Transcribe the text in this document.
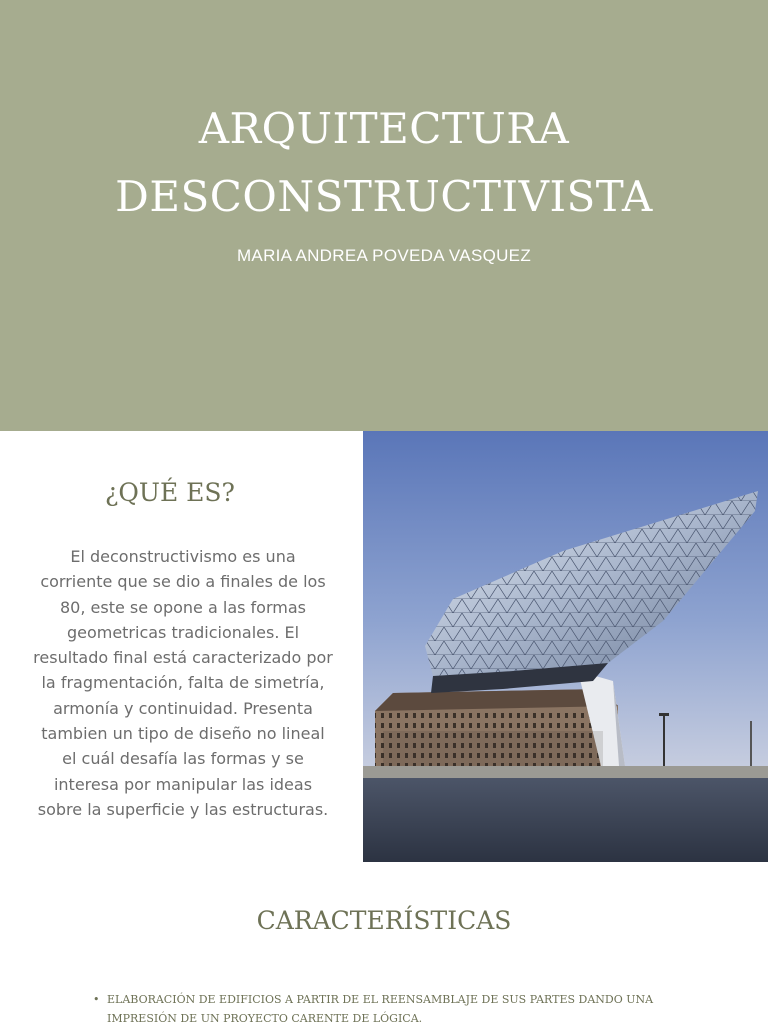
ARQUITECTURA
DESCONSTRUCTIVISTA
MARIA ANDREA POVEDA VASQUEZ
¿QUÉ ES?
El deconstructivismo es una corriente que se dio a finales de los 80, este se opone a las formas geometricas tradicionales. El resultado final está caracterizado por la fragmentación, falta de simetría, armonía y continuidad. Presenta tambien un tipo de diseño no lineal el cuál desafía las formas y se interesa por manipular las ideas sobre la superficie y las estructuras.
CARACTERÍSTICAS
• ELABORACIÓN DE EDIFICIOS A PARTIR DE EL REENSAMBLAJE DE SUS PARTES DANDO UNA IMPRESIÓN DE UN PROYECTO CARENTE DE LÓGICA.
